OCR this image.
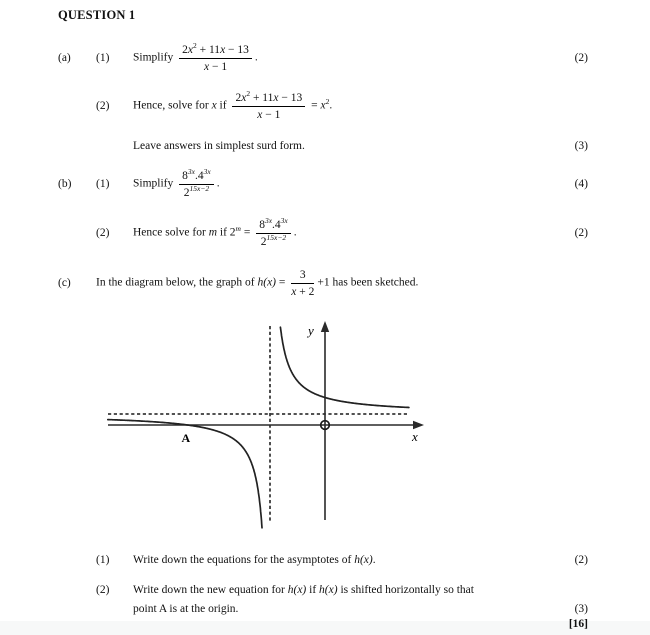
QUESTION 1
(a)	(1)	Simplify $\frac{2x^2 + 11x - 13}{x - 1}$ .	(2)
(2)	Hence, solve for x if $\frac{2x^2 + 11x - 13}{x - 1} = x^2$.
Leave answers in simplest surd form.	(3)
(b)	(1)	Simplify $\frac{8^{3x}.4^{3x}}{2^{15x-2}}$ .	(4)
(2)	Hence solve for m if $2^m = \frac{8^{3x}.4^{3x}}{2^{15x-2}}$ .	(2)
(c)	In the diagram below, the graph of $h(x) = \frac{3}{x + 2} +1$ has been sketched.
y
x
A
(1)	Write down the equations for the asymptotes of h(x).	(2)
(2)	Write down the new equation for h(x) if h(x) is shifted horizontally so that
point A is at the origin.	(3)
[16]
